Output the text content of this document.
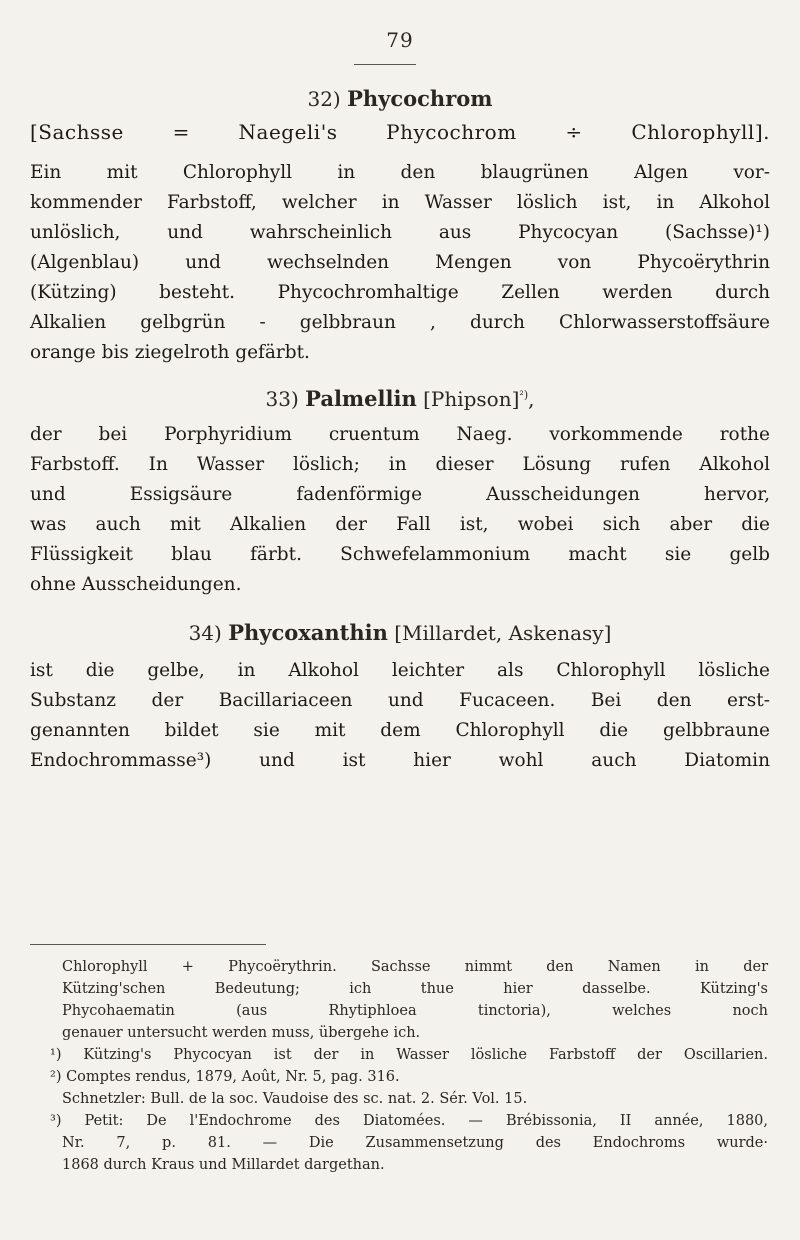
79
32) Phycochrom
[Sachsse = Naegeli's Phycochrom ÷ Chlorophyll].
Ein mit Chlorophyll in den blaugrünen Algen vor-
kommender Farbstoff, welcher in Wasser löslich ist, in Alkohol
unlöslich, und wahrscheinlich aus Phycocyan (Sachsse)¹)
(Algenblau) und wechselnden Mengen von Phycoërythrin
(Kützing) besteht. Phycochromhaltige Zellen werden durch
Alkalien gelbgrün - gelbbraun , durch Chlorwasserstoffsäure
orange bis ziegelroth gefärbt.
33) Palmellin [Phipson]$^{^2)}$,
der bei Porphyridium cruentum Naeg. vorkommende rothe
Farbstoff. In Wasser löslich; in dieser Lösung rufen Alkohol
und Essigsäure fadenförmige Ausscheidungen hervor,
was auch mit Alkalien der Fall ist, wobei sich aber die
Flüssigkeit blau färbt. Schwefelammonium macht sie gelb
ohne Ausscheidungen.
34) Phycoxanthin [Millardet, Askenasy]
ist die gelbe, in Alkohol leichter als Chlorophyll lösliche
Substanz der Bacillariaceen und Fucaceen. Bei den erst-
genannten bildet sie mit dem Chlorophyll die gelbbraune
Endochrommasse³) und ist hier wohl auch Diatomin
Chlorophyll + Phycoërythrin. Sachsse nimmt den Namen in der
Kützing'schen Bedeutung; ich thue hier dasselbe. Kützing's
Phycohaematin (aus Rhytiphloea tinctoria), welches noch
genauer untersucht werden muss, übergehe ich.
¹) Kützing's Phycocyan ist der in Wasser lösliche Farbstoff der Oscillarien.
²) Comptes rendus, 1879, Août, Nr. 5, pag. 316.
Schnetzler: Bull. de la soc. Vaudoise des sc. nat. 2. Sér. Vol. 15.
³) Petit: De l'Endochrome des Diatomées. — Brébissonia, II année, 1880,
Nr. 7, p. 81. — Die Zusammensetzung des Endochroms wurde·
1868 durch Kraus und Millardet dargethan.
